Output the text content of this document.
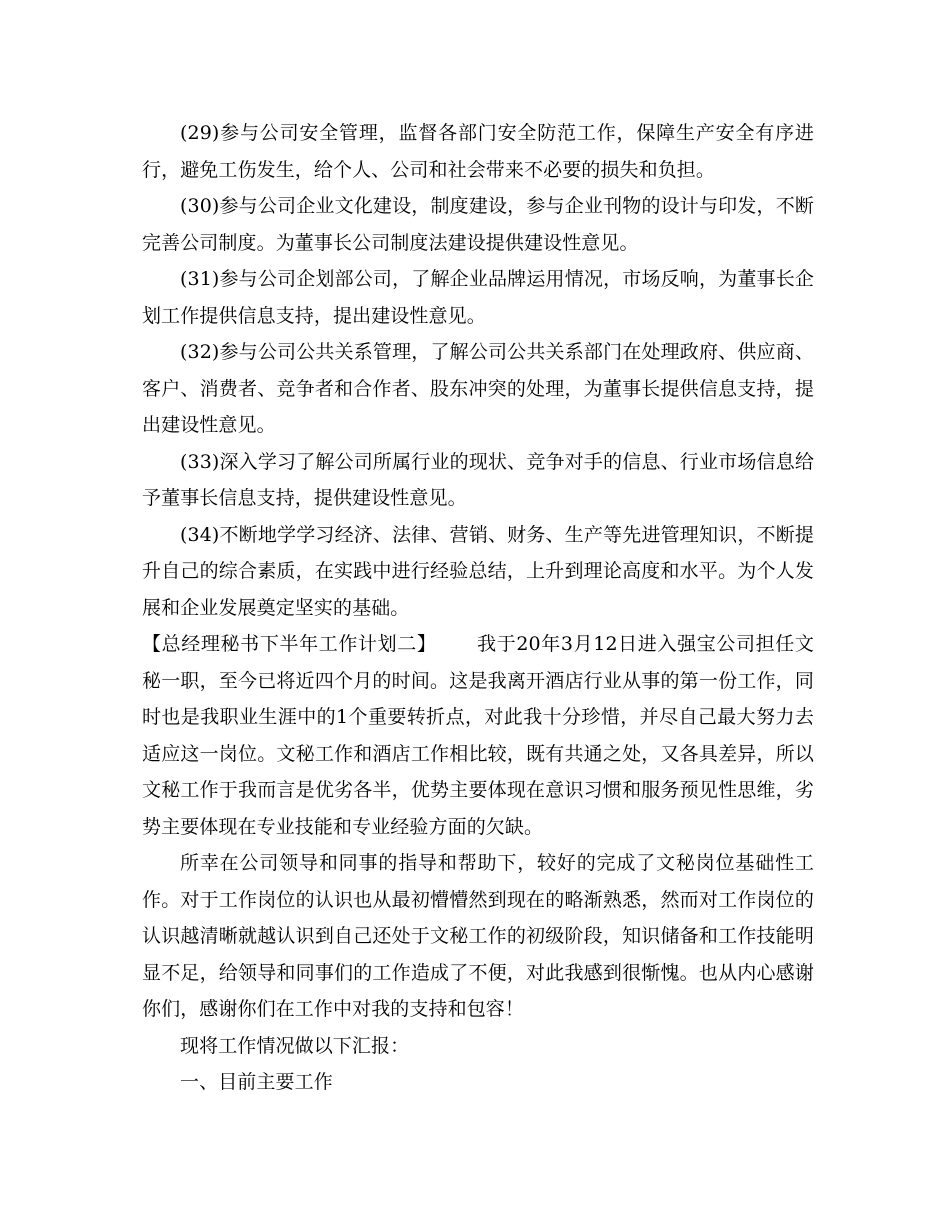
(29)参与公司安全管理，监督各部门安全防范工作，保障生产安全有序进行，避免工伤发生，给个人、公司和社会带来不必要的损失和负担。

(30)参与公司企业文化建设，制度建设，参与企业刊物的设计与印发，不断完善公司制度。为董事长公司制度法建设提供建设性意见。

(31)参与公司企划部公司，了解企业品牌运用情况，市场反响，为董事长企划工作提供信息支持，提出建设性意见。

(32)参与公司公共关系管理，了解公司公共关系部门在处理政府、供应商、客户、消费者、竞争者和合作者、股东冲突的处理，为董事长提供信息支持，提出建设性意见。

(33)深入学习了解公司所属行业的现状、竞争对手的信息、行业市场信息给予董事长信息支持，提供建设性意见。

(34)不断地学学习经济、法律、营销、财务、生产等先进管理知识，不断提升自己的综合素质，在实践中进行经验总结，上升到理论高度和水平。为个人发展和企业发展奠定坚实的基础。

【总经理秘书下半年工作计划二】 我于20年3月12日进入强宝公司担任文秘一职，至今已将近四个月的时间。这是我离开酒店行业从事的第一份工作，同时也是我职业生涯中的1个重要转折点，对此我十分珍惜，并尽自己最大努力去适应这一岗位。文秘工作和酒店工作相比较，既有共通之处，又各具差异，所以文秘工作于我而言是优劣各半，优势主要体现在意识习惯和服务预见性思维，劣势主要体现在专业技能和专业经验方面的欠缺。

所幸在公司领导和同事的指导和帮助下，较好的完成了文秘岗位基础性工作。对于工作岗位的认识也从最初懵懵然到现在的略渐熟悉，然而对工作岗位的认识越清晰就越认识到自己还处于文秘工作的初级阶段，知识储备和工作技能明显不足，给领导和同事们的工作造成了不便，对此我感到很惭愧。也从内心感谢你们，感谢你们在工作中对我的支持和包容！

现将工作情况做以下汇报：

一、目前主要工作
